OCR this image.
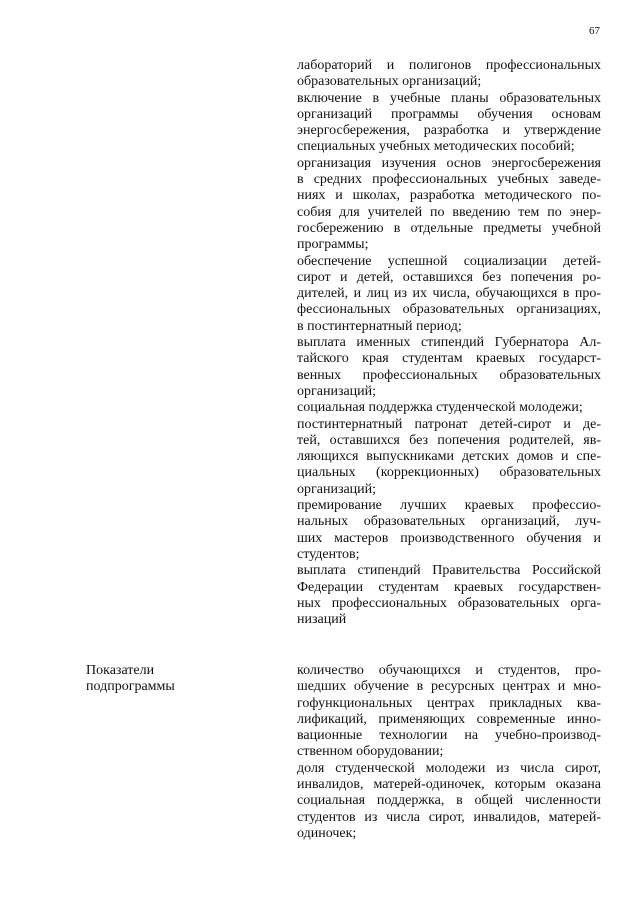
67
лабораторий и полигонов профессиональных
образовательных организаций;
включение в учебные планы образовательных
организаций программы обучения основам
энергосбережения, разработка и утверждение
специальных учебных методических пособий;
организация изучения основ энергосбережения
в средних профессиональных учебных заведе-
ниях и школах, разработка методического по-
собия для учителей по введению тем по энер-
госбережению в отдельные предметы учебной
программы;
обеспечение успешной социализации детей-
сирот и детей, оставшихся без попечения ро-
дителей, и лиц из их числа, обучающихся в про-
фессиональных образовательных организациях,
в постинтернатный период;
выплата именных стипендий Губернатора Ал-
тайского края студентам краевых государст-
венных профессиональных образовательных
организаций;
социальная поддержка студенческой молодежи;
постинтернатный патронат детей-сирот и де-
тей, оставшихся без попечения родителей, яв-
ляющихся выпускниками детских домов и спе-
циальных (коррекционных) образовательных
организаций;
премирование лучших краевых профессио-
нальных образовательных организаций, луч-
ших мастеров производственного обучения и
студентов;
выплата стипендий Правительства Российской
Федерации студентам краевых государствен-
ных профессиональных образовательных орга-
низаций
Показатели
подпрограммы
количество обучающихся и студентов, про-
шедших обучение в ресурсных центрах и мно-
гофункциональных центрах прикладных ква-
лификаций, применяющих современные инно-
вационные технологии на учебно-производ-
ственном оборудовании;
доля студенческой молодежи из числа сирот,
инвалидов, матерей-одиночек, которым оказана
социальная поддержка, в общей численности
студентов из числа сирот, инвалидов, матерей-
одиночек;
